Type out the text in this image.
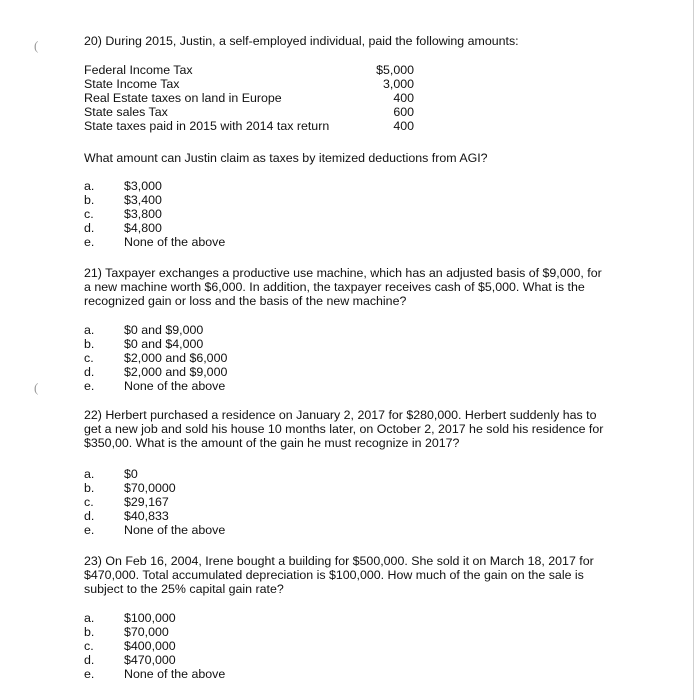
(
(
20) During 2015, Justin, a self-employed individual, paid the following amounts:
Federal Income Tax	$5,000
State Income Tax	3,000
Real Estate taxes on land in Europe	400
State sales Tax	600
State taxes paid in 2015 with 2014 tax return	400
What amount can Justin claim as taxes by itemized deductions from AGI?
a. $3,000
b. $3,400
c. $3,800
d. $4,800
e. None of the above
21) Taxpayer exchanges a productive use machine, which has an adjusted basis of $9,000, for
a new machine worth $6,000. In addition, the taxpayer receives cash of $5,000. What is the
recognized gain or loss and the basis of the new machine?
a. $0 and $9,000
b. $0 and $4,000
c. $2,000 and $6,000
d. $2,000 and $9,000
e. None of the above
22) Herbert purchased a residence on January 2, 2017 for $280,000. Herbert suddenly has to
get a new job and sold his house 10 months later, on October 2, 2017 he sold his residence for
$350,00. What is the amount of the gain he must recognize in 2017?
a. $0
b. $70,0000
c. $29,167
d. $40,833
e. None of the above
23) On Feb 16, 2004, Irene bought a building for $500,000. She sold it on March 18, 2017 for
$470,000. Total accumulated depreciation is $100,000. How much of the gain on the sale is
subject to the 25% capital gain rate?
a. $100,000
b. $70,000
c. $400,000
d. $470,000
e. None of the above
